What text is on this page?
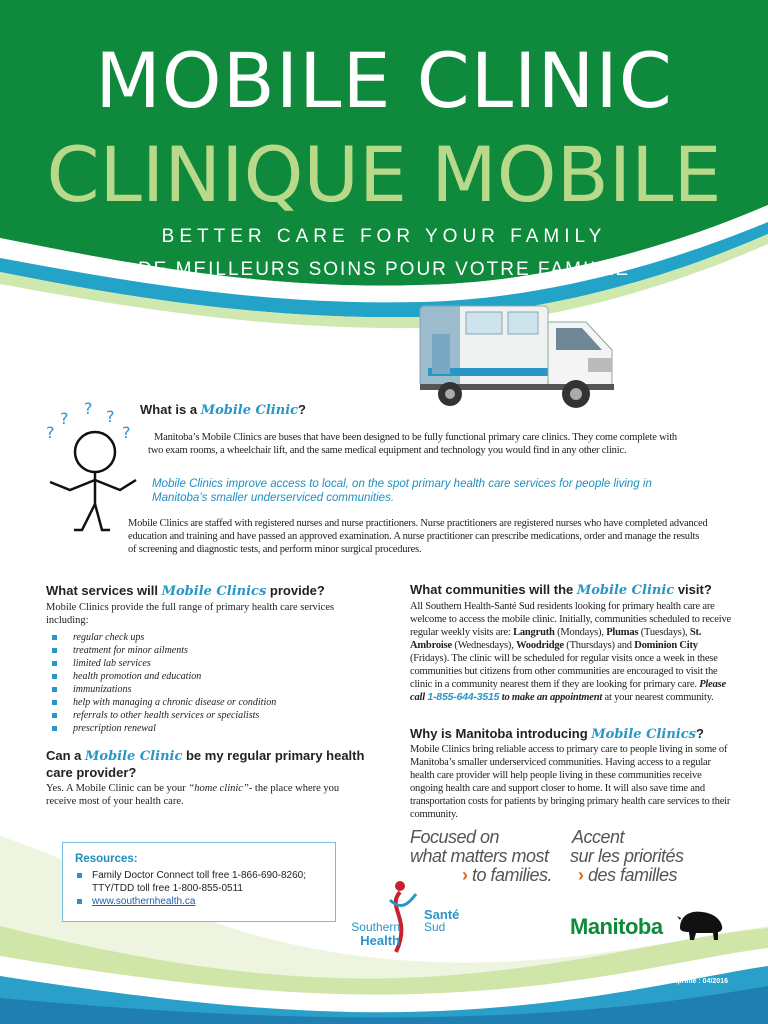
MOBILE CLINIC
CLINIQUE MOBILE
BETTER CARE FOR YOUR FAMILY
DE MEILLEURS SOINS POUR VOTRE FAMILLE
?
?
? ?
?
What is a Mobile Clinic?
Manitoba’s Mobile Clinics are buses that have been designed to be fully functional primary care clinics. They come complete with two exam rooms, a wheelchair lift, and the same medical equipment and technology you would find in any other clinic.
Mobile Clinics improve access to local, on the spot primary health care services for people living in Manitoba’s smaller underserviced communities.
Mobile Clinics are staffed with registered nurses and nurse practitioners. Nurse practitioners are registered nurses who have completed advanced education and training and have passed an approved examination. A nurse practitioner can prescribe medications, order and manage the results of screening and diagnostic tests, and perform minor surgical procedures.
What services will Mobile Clinics provide?
Mobile Clinics provide the full range of primary health care services including:
regular check ups
treatment for minor ailments
limited lab services
health promotion and education
immunizations
help with managing a chronic disease or condition
referrals to other health services or specialists
prescription renewal
Can a Mobile Clinic be my regular primary health care provider?
Yes. A Mobile Clinic can be your “home clinic”- the place where you receive most of your health care.
What communities will the Mobile Clinic visit?
All Southern Health-Santé Sud residents looking for primary health care are welcome to access the mobile clinic. Initially, communities scheduled to receive regular weekly visits are: Langruth (Mondays), Plumas (Tuesdays), St. Ambroise (Wednesdays), Woodridge (Thursdays) and Dominion City (Fridays). The clinic will be scheduled for regular visits once a week in these communities but citizens from other communities are encouraged to visit the clinic in a community nearest them if they are looking for primary care. Please call 1-855-644-3515 to make an appointment at your nearest community.
Why is Manitoba introducing Mobile Clinics?
Mobile Clinics bring reliable access to primary care to people living in some of Manitoba’s smaller underserviced communities. Having access to a regular health care provider will help people living in these communities receive ongoing health care and support closer to home. It will also save time and transportation costs for patients by bringing primary health care services to their community.
Focused on
what matters most
› to families.
Accent
sur les priorités
› des familles
Resources:
Family Doctor Connect toll free 1-866-690-8260;
TTY/TDD toll free 1-800-855-0511
www.southernhealth.ca
Southern
Health
Santé
Sud	Manitoba
Printed/Imprimé : 04/2016
